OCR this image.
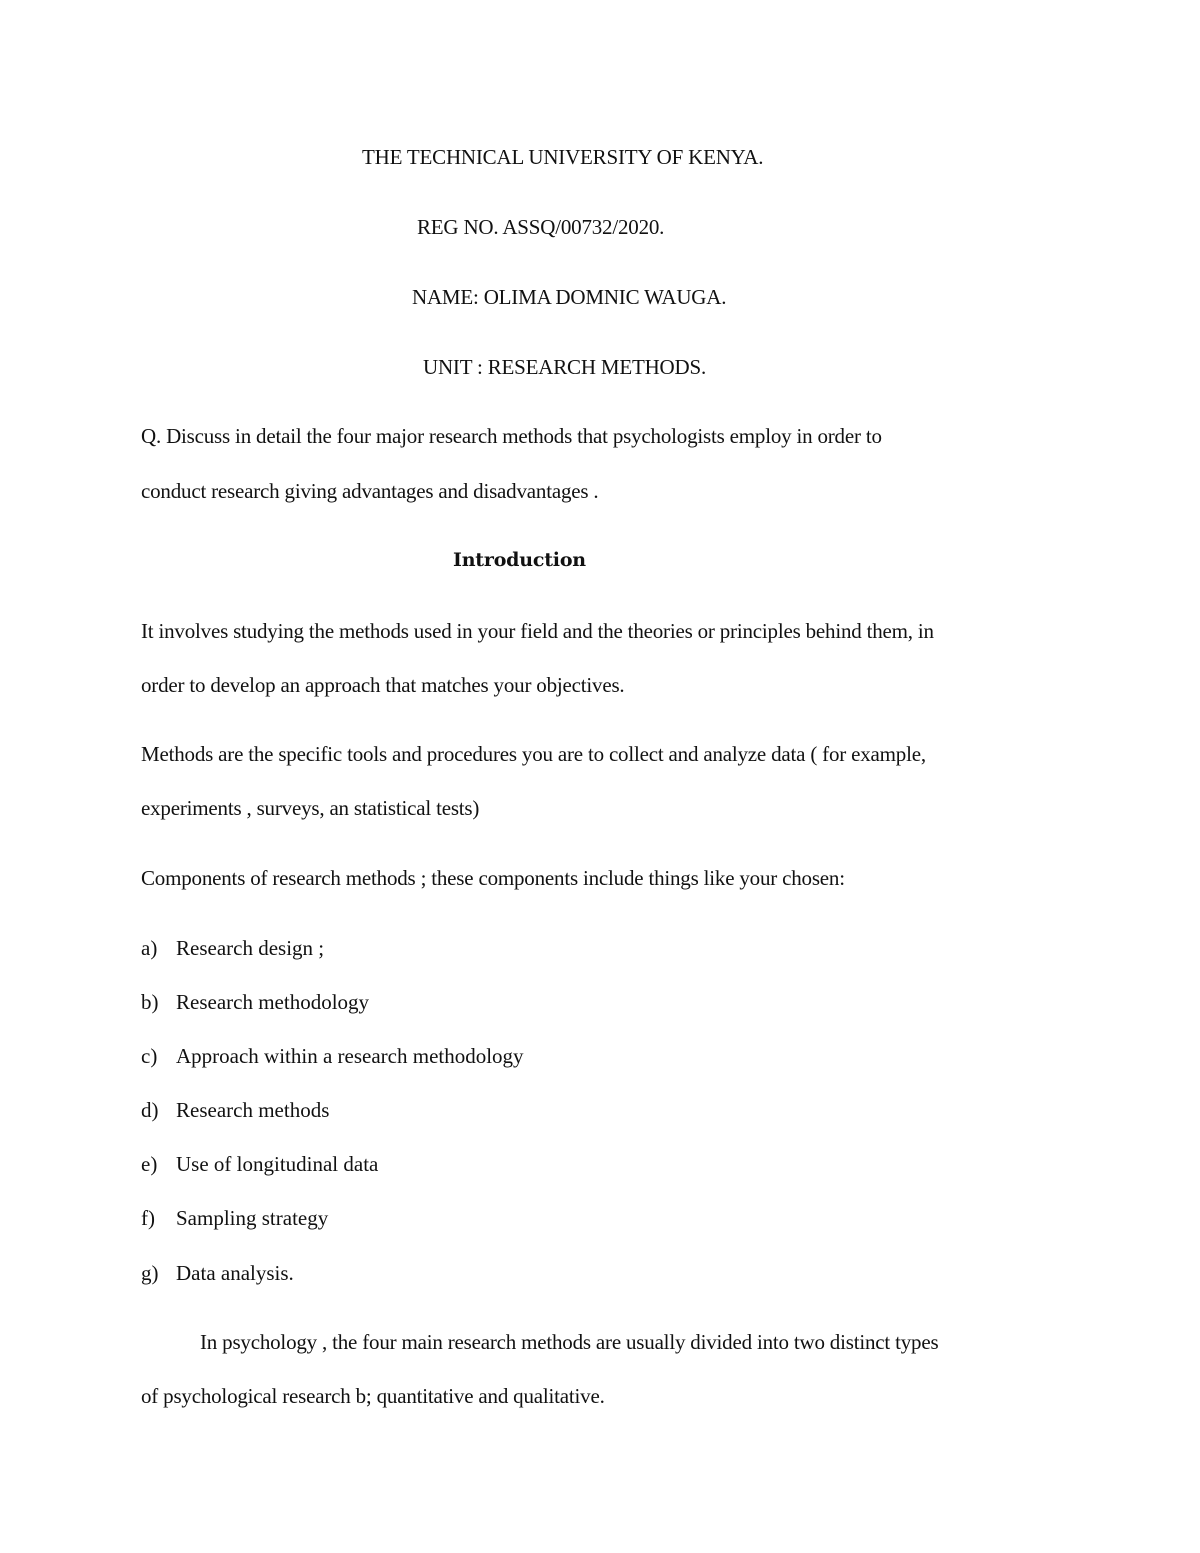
THE TECHNICAL UNIVERSITY OF KENYA.
REG NO. ASSQ/00732/2020.
NAME: OLIMA DOMNIC WAUGA.
UNIT : RESEARCH METHODS.
Q. Discuss in detail the four major research methods that psychologists employ in order to
conduct research giving advantages and disadvantages .
Introduction
It involves studying the methods used in your field and the theories or principles behind them, in
order to develop an approach that matches your objectives.
Methods are the specific tools and procedures you are to collect and analyze data ( for example,
experiments , surveys, an statistical tests)
Components of research methods ; these components include things like your chosen:
a) Research design ;
b) Research methodology
c) Approach within a research methodology
d) Research methods
e) Use of longitudinal data
f) Sampling strategy
g) Data analysis.
In psychology , the four main research methods are usually divided into two distinct types
of psychological research b; quantitative and qualitative.
